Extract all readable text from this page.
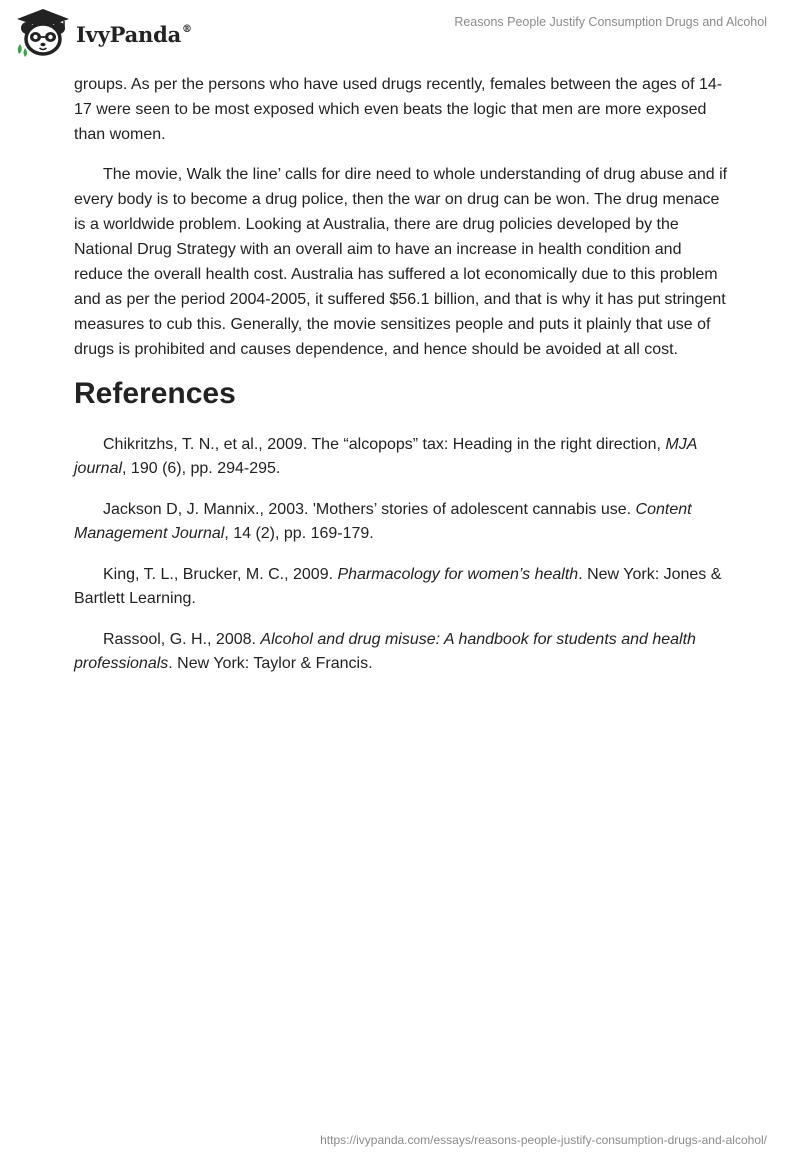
IvyPanda®	Reasons People Justify Consumption Drugs and Alcohol

groups. As per the persons who have used drugs recently, females between the ages of 14-17 were seen to be most exposed which even beats the logic that men are more exposed than women.

The movie, Walk the line’ calls for dire need to whole understanding of drug abuse and if every body is to become a drug police, then the war on drug can be won. The drug menace is a worldwide problem. Looking at Australia, there are drug policies developed by the National Drug Strategy with an overall aim to have an increase in health condition and reduce the overall health cost. Australia has suffered a lot economically due to this problem and as per the period 2004-2005, it suffered $56.1 billion, and that is why it has put stringent measures to cub this. Generally, the movie sensitizes people and puts it plainly that use of drugs is prohibited and causes dependence, and hence should be avoided at all cost.

References

Chikritzhs, T. N., et al., 2009. The “alcopops” tax: Heading in the right direction, MJA journal, 190 (6), pp. 294-295.

Jackson D, J. Mannix., 2003. 'Mothers’ stories of adolescent cannabis use. Content Management Journal, 14 (2), pp. 169-179.

King, T. L., Brucker, M. C., 2009. Pharmacology for women’s health. New York: Jones & Bartlett Learning.

Rassool, G. H., 2008. Alcohol and drug misuse: A handbook for students and health professionals. New York: Taylor & Francis.

https://ivypanda.com/essays/reasons-people-justify-consumption-drugs-and-alcohol/
